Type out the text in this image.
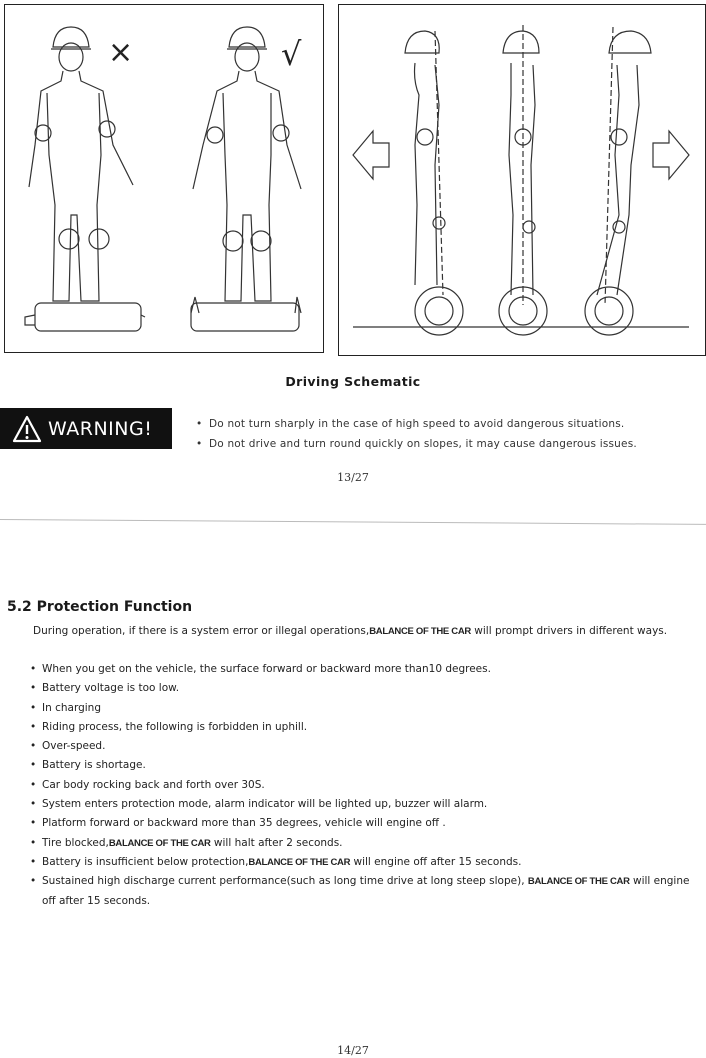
×	√
Driving Schematic
WARNING!
•	Do not turn sharply in the case of high speed to avoid dangerous situations.
• Do not drive and turn round quickly on slopes, it may cause dangerous issues.
13/27
5.2 Protection Function

During operation, if there is a system error or illegal operations,BALANCE OF THE CAR will prompt drivers in different ways.

• When you get on the vehicle, the surface forward or backward more than10 degrees.
• Battery voltage is too low.
• In charging
• Riding process, the following is forbidden in uphill.
• Over-speed.
• Battery is shortage.
• Car body rocking back and forth over 30S.
• System enters protection mode, alarm indicator will be lighted up, buzzer will alarm.
• Platform forward or backward more than 35 degrees, vehicle will engine off .
• Tire blocked,BALANCE OF THE CAR will halt after 2 seconds.
• Battery is insufficient below protection,BALANCE OF THE CAR will engine off after 15 seconds.
• Sustained high discharge current performance(such as long time drive at long steep slope), BALANCE OF THE CAR will engine off after 15 seconds.
14/27
